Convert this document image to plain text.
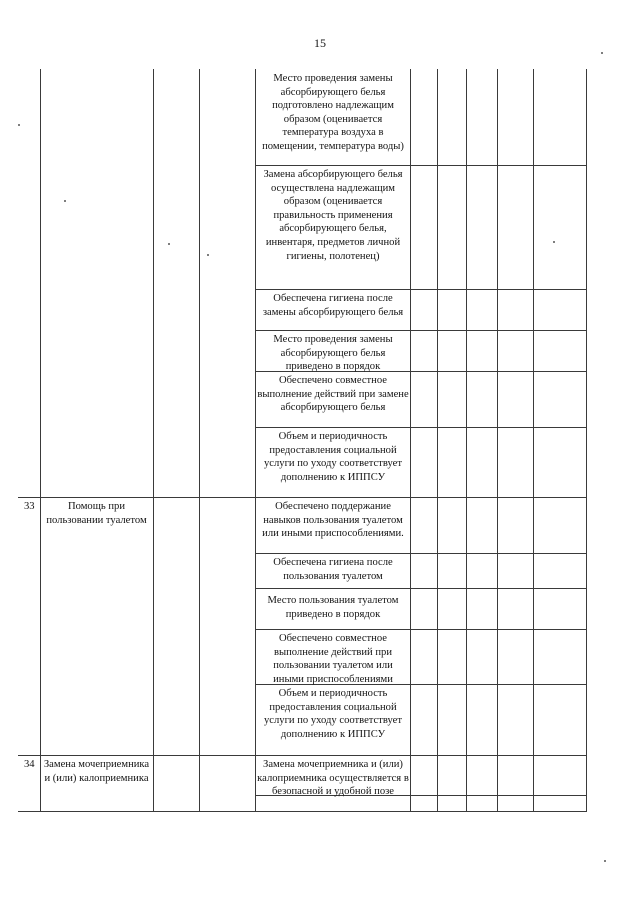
15
33	Помощь при пользовании туалетом
34 Замена мочеприемника и (или) калоприемника
Место проведения замены абсорбирующего белья подготовлено надлежащим образом (оценивается температура воздуха в помещении, температура воды)
Замена абсорбирующего белья осуществлена надлежащим образом (оценивается правильность применения абсорбирующего белья, инвентаря, предметов личной гигиены, полотенец)
Обеспечена гигиена после замены абсорбирующего белья
Место проведения замены абсорбирующего белья приведено в порядок
Обеспечено совместное выполнение действий при замене абсорбирующего белья
Объем и периодичность предоставления социальной услуги по уходу соответствует дополнению к ИППСУ
Обеспечено поддержание навыков пользования туалетом или иными приспособлениями.
Обеспечена гигиена после пользования туалетом
Место пользования туалетом приведено в порядок
Обеспечено совместное выполнение действий при пользовании туалетом или иными приспособлениями
Объем и периодичность предоставления социальной услуги по уходу соответствует дополнению к ИППСУ
Замена мочеприемника и (или) калоприемника осуществляется в безопасной и удобной позе
